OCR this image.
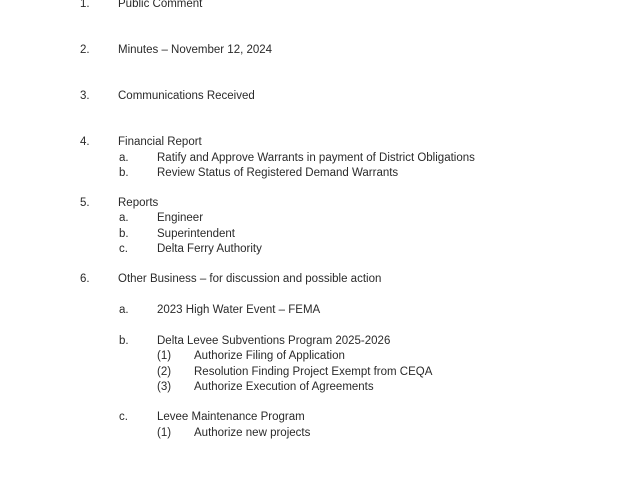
1. Public Comment
2. Minutes – November 12, 2024
3. Communications Received
4. Financial Report
a. Ratify and Approve Warrants in payment of District Obligations
b. Review Status of Registered Demand Warrants
5. Reports
a. Engineer
b. Superintendent
c.	Delta Ferry Authority
6. Other Business – for discussion and possible action
a. 2023 High Water Event – FEMA
b. Delta Levee Subventions Program 2025-2026
(1) Authorize Filing of Application
(2) Resolution Finding Project Exempt from CEQA
(3) Authorize Execution of Agreements
c.	Levee Maintenance Program
(1) Authorize new projects
